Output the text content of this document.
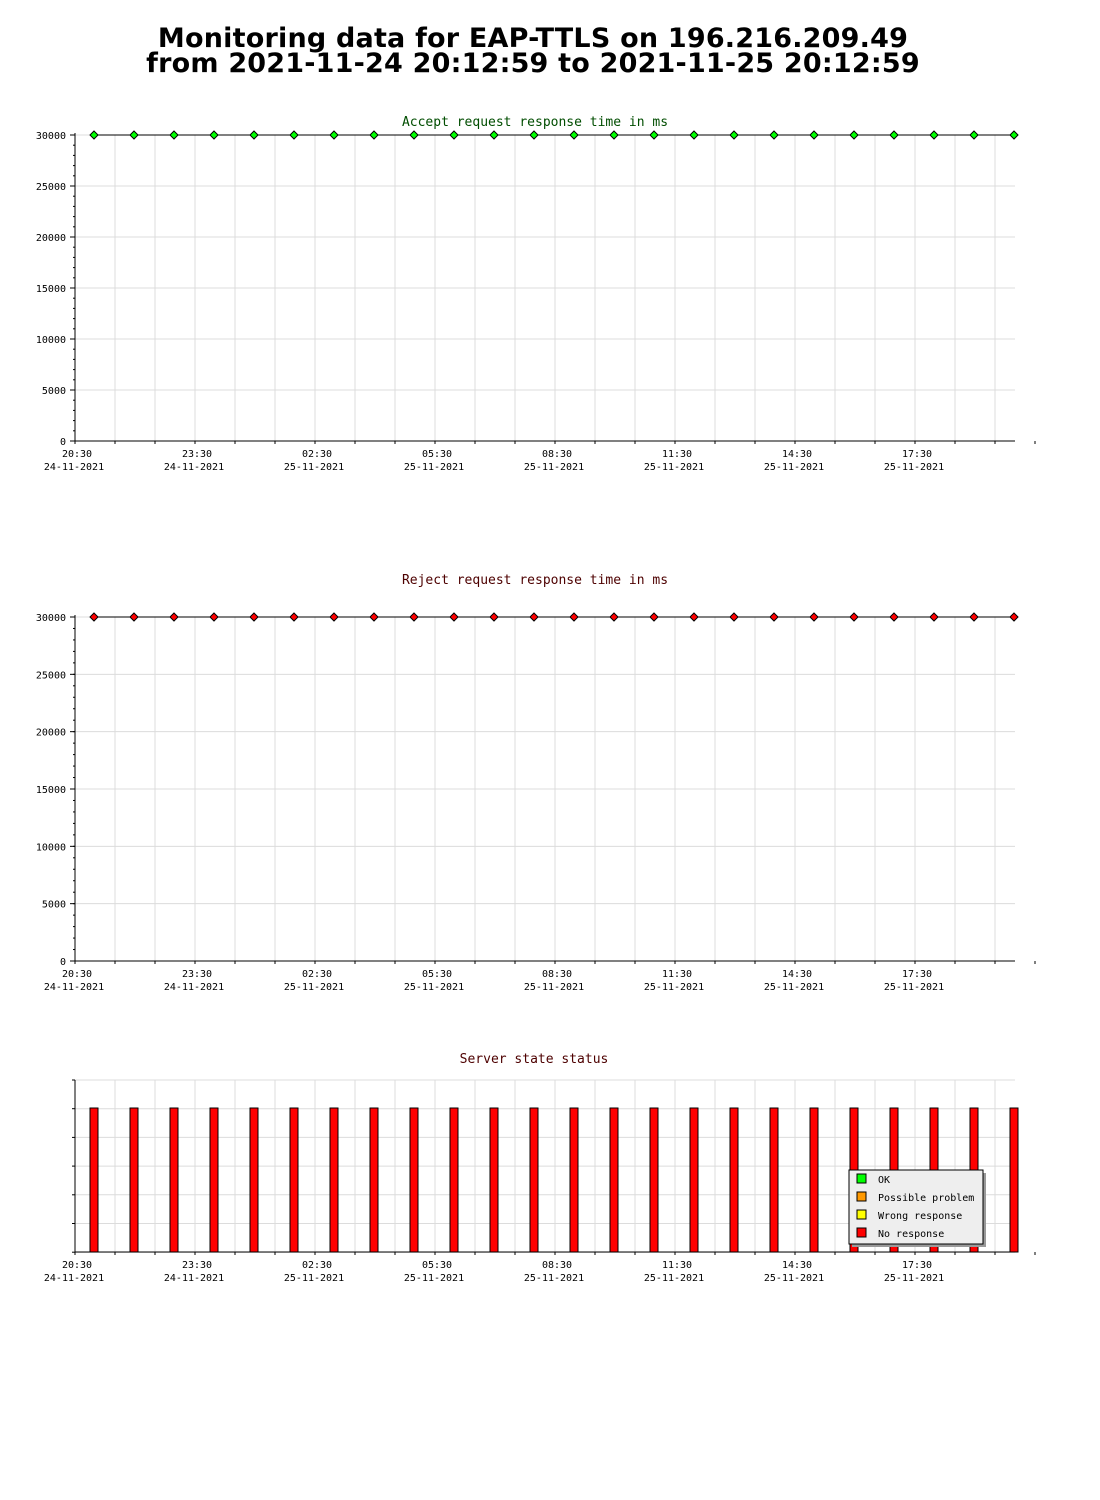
Monitoring data for EAP-TTLS on 196.216.209.49
from 2021-11-24 20:12:59 to 2021-11-25 20:12:59
Accept request response time in ms
0
5000
10000
15000
20000
25000
30000
20:30
24-11-2021
23:30
24-11-2021
02:30
25-11-2021
05:30
25-11-2021
08:30
25-11-2021
11:30
25-11-2021
14:30
25-11-2021
17:30
25-11-2021
Reject request response time in ms
0
5000
10000
15000
20000
25000
30000
20:30
24-11-2021
23:30
24-11-2021
02:30
25-11-2021
05:30
25-11-2021
08:30
25-11-2021
11:30
25-11-2021
14:30
25-11-2021
17:30
25-11-2021
Server state status
20:30
24-11-2021
23:30
24-11-2021
02:30
25-11-2021
05:30
25-11-2021
08:30
25-11-2021
11:30
25-11-2021
14:30
25-11-2021
17:30
25-11-2021
OK
Possible problem
Wrong response
No response
